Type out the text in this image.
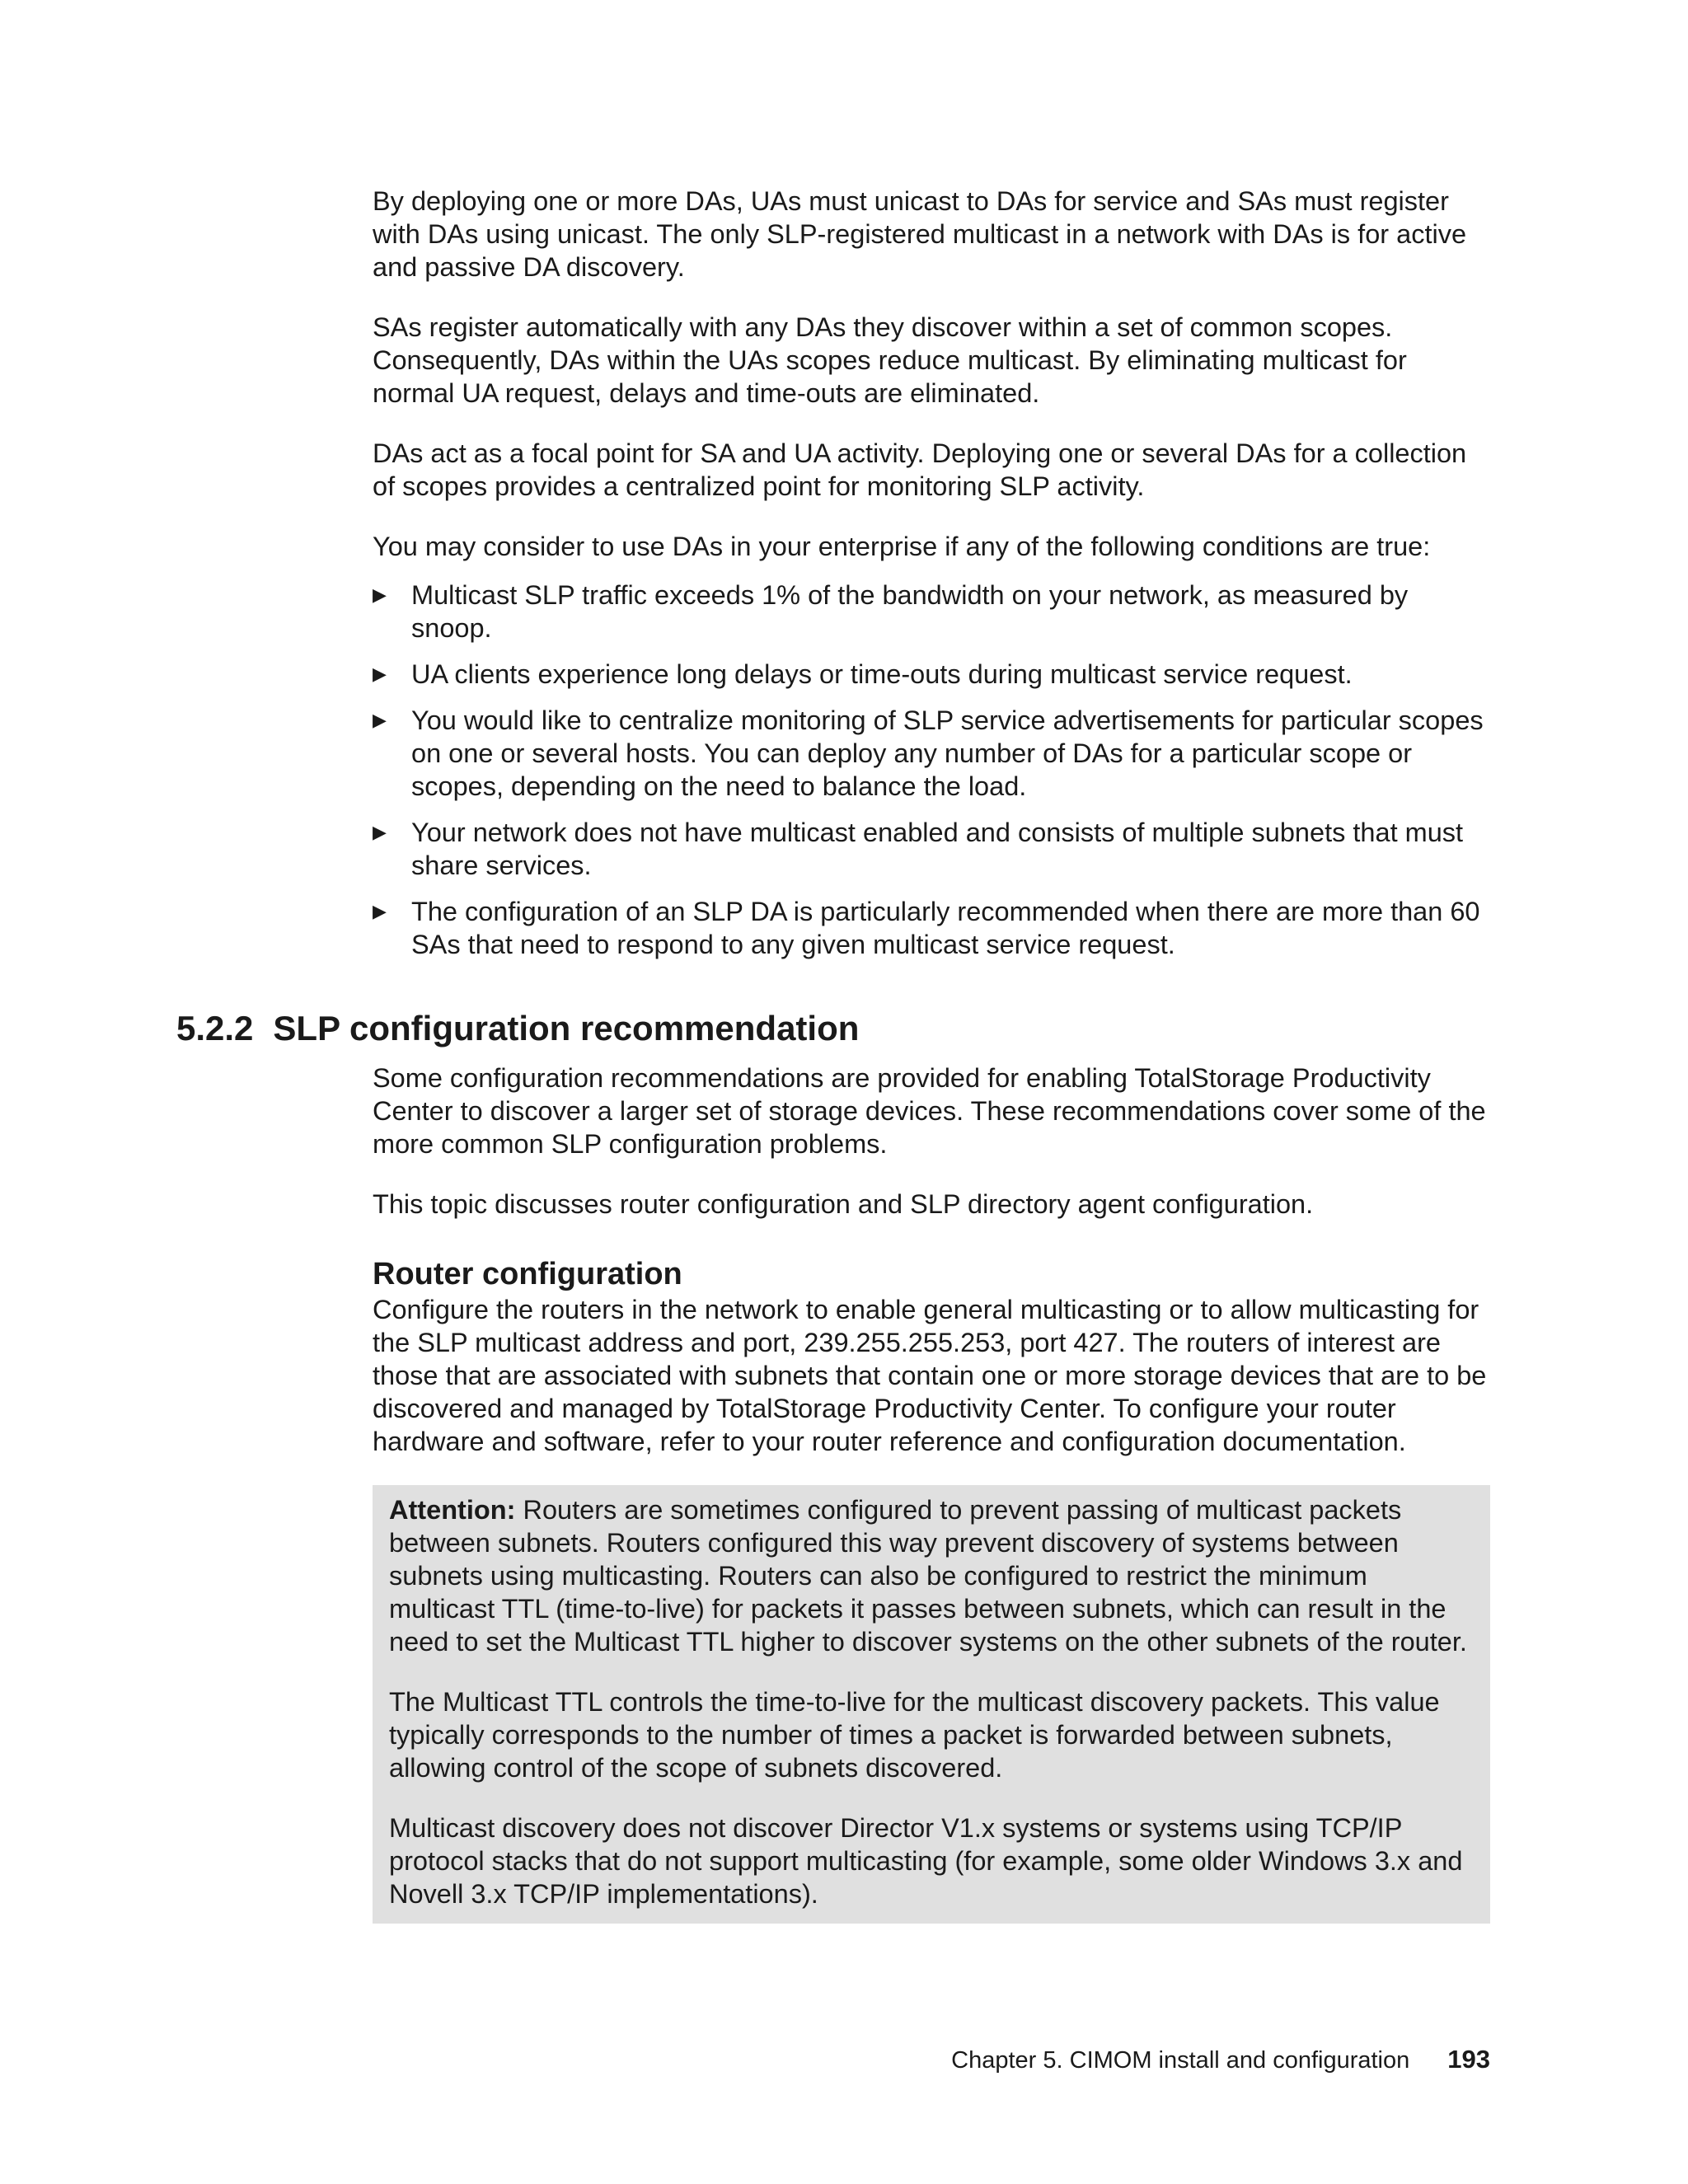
By deploying one or more DAs, UAs must unicast to DAs for service and SAs must register with DAs using unicast. The only SLP-registered multicast in a network with DAs is for active and passive DA discovery.

SAs register automatically with any DAs they discover within a set of common scopes. Consequently, DAs within the UAs scopes reduce multicast. By eliminating multicast for normal UA request, delays and time-outs are eliminated.

DAs act as a focal point for SA and UA activity. Deploying one or several DAs for a collection of scopes provides a centralized point for monitoring SLP activity.

You may consider to use DAs in your enterprise if any of the following conditions are true:

▶ Multicast SLP traffic exceeds 1% of the bandwidth on your network, as measured by snoop.
▶ UA clients experience long delays or time-outs during multicast service request.
▶ You would like to centralize monitoring of SLP service advertisements for particular scopes on one or several hosts. You can deploy any number of DAs for a particular scope or scopes, depending on the need to balance the load.
▶ Your network does not have multicast enabled and consists of multiple subnets that must share services.
▶ The configuration of an SLP DA is particularly recommended when there are more than 60 SAs that need to respond to any given multicast service request.
5.2.2 SLP configuration recommendation

Some configuration recommendations are provided for enabling TotalStorage Productivity Center to discover a larger set of storage devices. These recommendations cover some of the more common SLP configuration problems.

This topic discusses router configuration and SLP directory agent configuration.

Router configuration

Configure the routers in the network to enable general multicasting or to allow multicasting for the SLP multicast address and port, 239.255.255.253, port 427. The routers of interest are those that are associated with subnets that contain one or more storage devices that are to be discovered and managed by TotalStorage Productivity Center. To configure your router hardware and software, refer to your router reference and configuration documentation.

Attention: Routers are sometimes configured to prevent passing of multicast packets between subnets. Routers configured this way prevent discovery of systems between subnets using multicasting. Routers can also be configured to restrict the minimum multicast TTL (time-to-live) for packets it passes between subnets, which can result in the need to set the Multicast TTL higher to discover systems on the other subnets of the router.

The Multicast TTL controls the time-to-live for the multicast discovery packets. This value typically corresponds to the number of times a packet is forwarded between subnets, allowing control of the scope of subnets discovered.

Multicast discovery does not discover Director V1.x systems or systems using TCP/IP protocol stacks that do not support multicasting (for example, some older Windows 3.x and Novell 3.x TCP/IP implementations).

Chapter 5. CIMOM install and configuration 193
